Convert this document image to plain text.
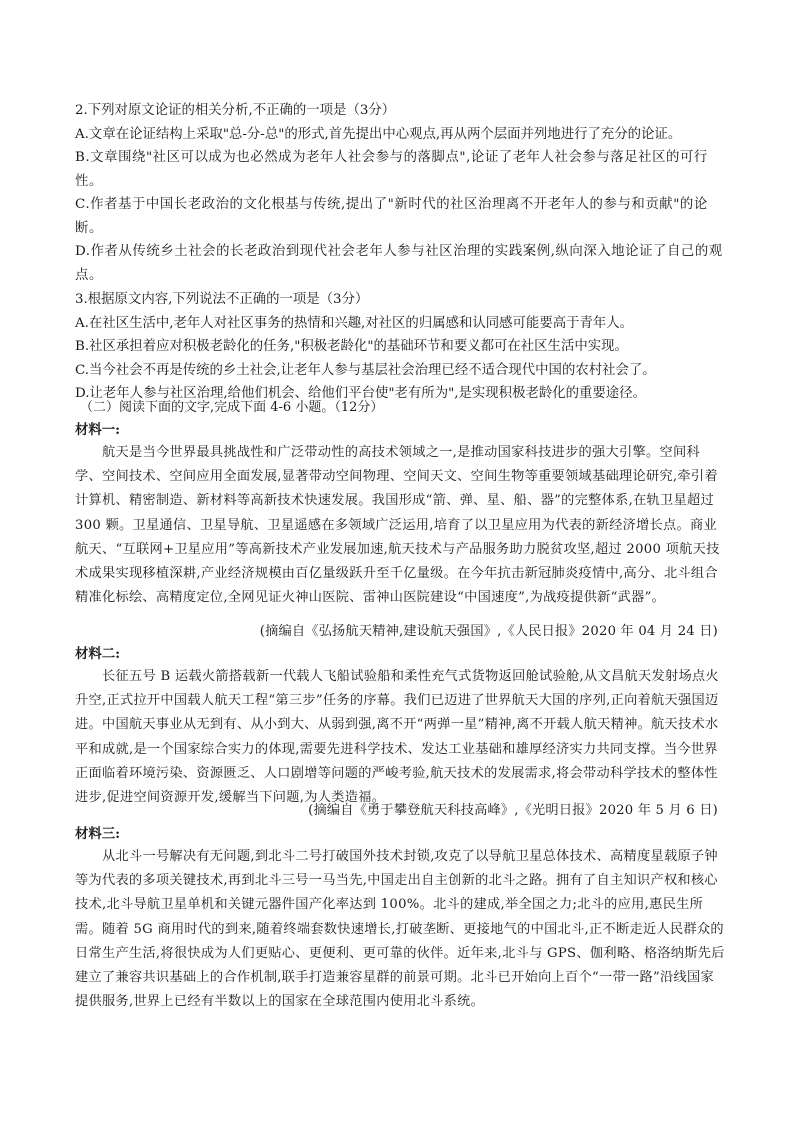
2.下列对原文论证的相关分析,不正确的一项是（3分）
A.文章在论证结构上采取"总-分-总"的形式,首先提出中心观点,再从两个层面并列地进行了充分的论证。
B.文章围绕"社区可以成为也必然成为老年人社会参与的落脚点",论证了老年人社会参与落足社区的可行性。
C.作者基于中国长老政治的文化根基与传统,提出了"新时代的社区治理离不开老年人的参与和贡献"的论断。
D.作者从传统乡土社会的长老政治到现代社会老年人参与社区治理的实践案例,纵向深入地论证了自己的观点。
3.根据原文内容,下列说法不正确的一项是（3分）
A.在社区生活中,老年人对社区事务的热情和兴趣,对社区的归属感和认同感可能要高于青年人。
B.社区承担着应对积极老龄化的任务,"积极老龄化"的基础环节和要义都可在社区生活中实现。
C.当今社会不再是传统的乡土社会,让老年人参与基层社会治理已经不适合现代中国的农村社会了。
D.让老年人参与社区治理,给他们机会、给他们平台使"老有所为",是实现积极老龄化的重要途径。
（二）阅读下面的文字,完成下面 4-6 小题。（12分）
材料一:
航天是当今世界最具挑战性和广泛带动性的高技术领域之一,是推动国家科技进步的强大引擎。空间科学、空间技术、空间应用全面发展,显著带动空间物理、空间天文、空间生物等重要领域基础理论研究,牵引着计算机、精密制造、新材料等高新技术快速发展。我国形成“箭、弹、星、船、器”的完整体系,在轨卫星超过 300 颗。卫星通信、卫星导航、卫星遥感在多领域广泛运用,培育了以卫星应用为代表的新经济增长点。商业航天、“互联网+卫星应用”等高新技术产业发展加速,航天技术与产品服务助力脱贫攻坚,超过 2000 项航天技术成果实现移植深耕,产业经济规模由百亿量级跃升至千亿量级。在今年抗击新冠肺炎疫情中,高分、北斗组合精准化标绘、高精度定位,全网见证火神山医院、雷神山医院建设“中国速度”,为战疫提供新“武器”。
(摘编自《弘扬航天精神,建设航天强国》,《人民日报》2020 年 04 月 24 日)
材料二:
长征五号 B 运载火箭搭载新一代载人飞船试验船和柔性充气式货物返回舱试验舱,从文昌航天发射场点火升空,正式拉开中国载人航天工程“第三步”任务的序幕。我们已迈进了世界航天大国的序列,正向着航天强国迈进。中国航天事业从无到有、从小到大、从弱到强,离不开“两弹一星”精神,离不开载人航天精神。航天技术水平和成就,是一个国家综合实力的体现,需要先进科学技术、发达工业基础和雄厚经济实力共同支撑。当今世界正面临着环境污染、资源匮乏、人口剧增等问题的严峻考验,航天技术的发展需求,将会带动科学技术的整体性进步,促进空间资源开发,缓解当下问题,为人类造福。
(摘编自《勇于攀登航天科技高峰》,《光明日报》2020 年 5 月 6 日)
材料三:
从北斗一号解决有无问题,到北斗二号打破国外技术封锁,攻克了以导航卫星总体技术、高精度星载原子钟等为代表的多项关键技术,再到北斗三号一马当先,中国走出自主创新的北斗之路。拥有了自主知识产权和核心技术,北斗导航卫星单机和关键元器件国产化率达到 100%。北斗的建成,举全国之力;北斗的应用,惠民生所需。随着 5G 商用时代的到来,随着终端套数快速增长,打破垄断、更接地气的中国北斗,正不断走近人民群众的日常生产生活,将很快成为人们更贴心、更便利、更可靠的伙伴。近年来,北斗与 GPS、伽利略、格洛纳斯先后建立了兼容共识基础上的合作机制,联手打造兼容星群的前景可期。北斗已开始向上百个“一带一路”沿线国家提供服务,世界上已经有半数以上的国家在全球范围内使用北斗系统。
